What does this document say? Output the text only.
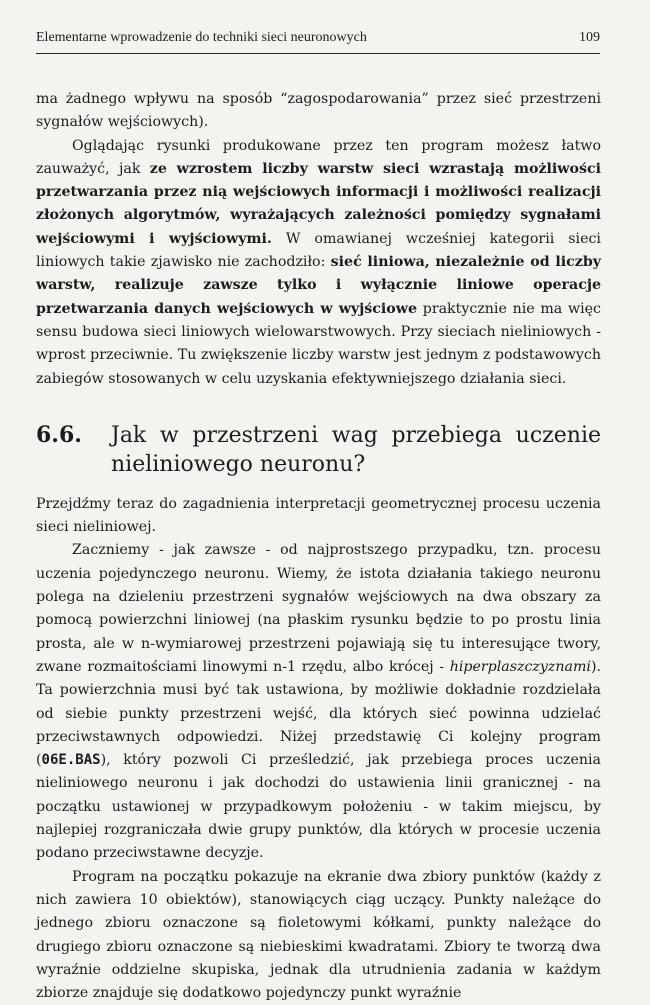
Elementarne wprowadzenie do techniki sieci neuronowych	109

ma żadnego wpływu na sposób “zagospodarowania” przez sieć przestrzeni sygnałów wejściowych).

Oglądając rysunki produkowane przez ten program możesz łatwo zauważyć, jak ze wzrostem liczby warstw sieci wzrastają możliwości przetwarzania przez nią wejściowych informacji i możliwości realizacji złożonych algorytmów, wyrażających zależności pomiędzy sygnałami wejściowymi i wyjściowymi. W omawianej wcześniej kategorii sieci liniowych takie zjawisko nie zachodziło: sieć liniowa, niezależnie od liczby warstw, realizuje zawsze tylko i wyłącznie liniowe operacje przetwarzania danych wejściowych w wyjściowe praktycznie nie ma więc sensu budowa sieci liniowych wielowarstwowych. Przy sieciach nieliniowych - wprost przeciwnie. Tu zwiększenie liczby warstw jest jednym z podstawowych zabiegów stosowanych w celu uzyskania efektywniejszego działania sieci.

6.6.	Jak w przestrzeni wag przebiega uczenie nieliniowego neuronu?

Przejdźmy teraz do zagadnienia interpretacji geometrycznej procesu uczenia sieci nieliniowej.

Zaczniemy - jak zawsze - od najprostszego przypadku, tzn. procesu uczenia pojedynczego neuronu. Wiemy, że istota działania takiego neuronu polega na dzieleniu przestrzeni sygnałów wejściowych na dwa obszary za pomocą powierzchni liniowej (na płaskim rysunku będzie to po prostu linia prosta, ale w n-wymiarowej przestrzeni pojawiają się tu interesujące twory, zwane rozmaitościami linowymi n-1 rzędu, albo krócej - hiperplaszczyznami). Ta powierzchnia musi być tak ustawiona, by możliwie dokładnie rozdzielała od siebie punkty przestrzeni wejść, dla których sieć powinna udzielać przeciwstawnych odpowiedzi. Niżej przedstawię Ci kolejny program (06E.BAS), który pozwoli Ci prześledzić, jak przebiega proces uczenia nieliniowego neuronu i jak dochodzi do ustawienia linii granicznej - na początku ustawionej w przypadkowym położeniu - w takim miejscu, by najlepiej rozgraniczała dwie grupy punktów, dla których w procesie uczenia podano przeciwstawne decyzje.

Program na początku pokazuje na ekranie dwa zbiory punktów (każdy z nich zawiera 10 obiektów), stanowiących ciąg uczący. Punkty należące do jednego zbioru oznaczone są fioletowymi kółkami, punkty należące do drugiego zbioru oznaczone są niebieskimi kwadratami. Zbiory te tworzą dwa wyraźnie oddzielne skupiska, jednak dla utrudnienia zadania w każdym zbiorze znajduje się dodatkowo pojedynczy punkt wyraźnie
